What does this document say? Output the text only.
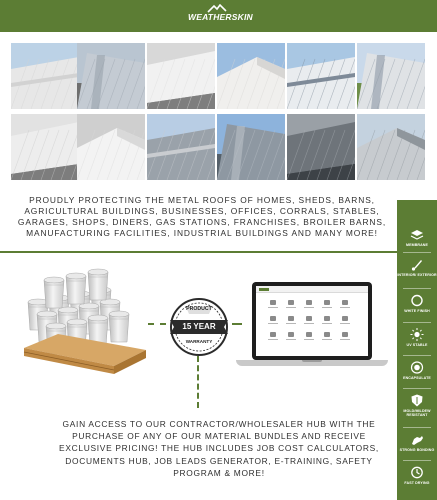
WEATHERSKIN
PROUDLY PROTECTING THE METAL ROOFS OF HOMES, SHEDS, BARNS, AGRICULTURAL BUILDINGS, BUSINESSES, OFFICES, CORRALS, STABLES, GARAGES, SHOPS, DINERS, GAS STATIONS, FRANCHISES, BROILER BARNS, MANUFACTURING FACILITIES, INDUSTRIAL BUILDINGS AND MANY MORE!
MEMBRANE
INTERIOR/ EXTERIOR
WHITE FINISH
UV STABLE
ENCAPSULATE
MOLD/MILDEW RESISTANT
STRONG BONDING
FAST DRYING
PRODUCT
15 YEAR
WARRANTY
GAIN ACCESS TO OUR CONTRACTOR/WHOLESALER HUB WITH THE PURCHASE OF ANY OF OUR MATERIAL BUNDLES AND RECEIVE EXCLUSIVE PRICING! THE HUB INCLUDES JOB COST CALCULATORS, DOCUMENTS HUB, JOB LEADS GENERATOR, E-TRAINING, SAFETY PROGRAM & MORE!
